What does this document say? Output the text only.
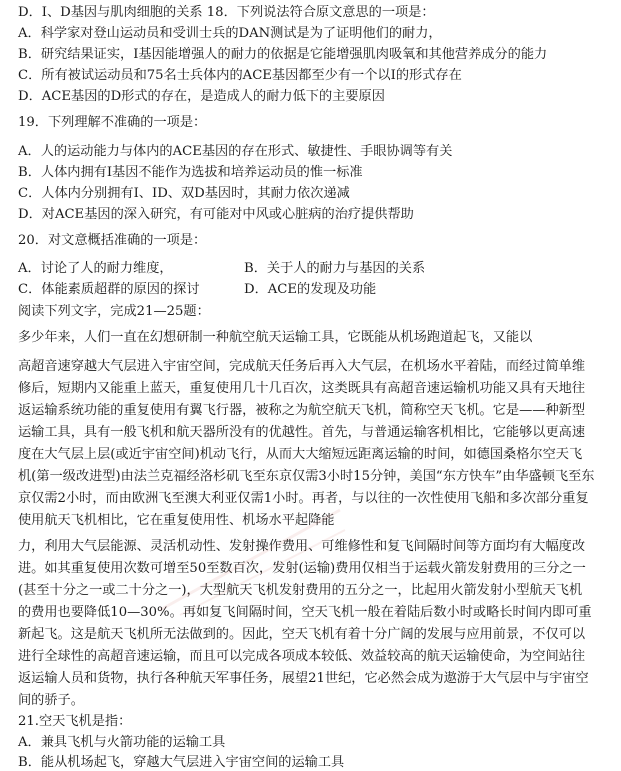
D．Ⅰ、D基因与肌肉细胞的关系 18．下列说法符合原文意思的一项是：
A．科学家对登山运动员和受训士兵的DAN测试是为了证明他们的耐力，
B．研究结果证实，Ⅰ基因能增强人的耐力的依据是它能增强肌肉吸氧和其他营养成分的能力
C．所有被试运动员和75名士兵体内的ACE基因都至少有一个以Ⅰ的形式存在
D．ACE基因的D形式的存在，是造成人的耐力低下的主要原因
19．下列理解不准确的一项是：
A．人的运动能力与体内的ACE基因的存在形式、敏捷性、手眼协调等有关
B．人体内拥有Ⅰ基因不能作为选拔和培养运动员的惟一标准
C．人体内分别拥有Ⅰ、ID、双D基因时，其耐力依次递减
D．对ACE基因的深入研究，有可能对中风或心脏病的治疗提供帮助
20．对文意概括准确的一项是：
A．讨论了人的耐力维度，	B．关于人的耐力与基因的关系
C．体能素质超群的原因的探讨	D．ACE的发现及功能
阅读下列文字，完成21—25题：
多少年来，人们一直在幻想研制一种航空航天运输工具，它既能从机场跑道起飞，又能以
高超音速穿越大气层进入宇宙空间，完成航天任务后再入大气层，在机场水平着陆，而经过简单维
修后，短期内又能重上蓝天，重复使用几十几百次，这类既具有高超音速运输机功能又具有天地往
返运输系统功能的重复使用有翼飞行器，被称之为航空航天飞机，简称空天飞机。它是——种新型
运输工具，具有一般飞机和航天器所没有的优越性。首先，与普通运输客机相比，它能够以更高速
度在大气层上层(或近宇宙空间)机动飞行，从而大大缩短远距离运输的时间，如德国桑格尔空天飞
机(第一级改进型)由法兰克福经洛杉矶飞至东京仅需3小时15分钟，美国“东方快车”由华盛顿飞至东
京仅需2小时，而由欧洲飞至澳大利亚仅需1小时。再者，与以往的一次性使用飞船和多次部分重复
使用航天飞机相比，它在重复使用性、机场水平起降能
力，利用大气层能源、灵活机动性、发射操作费用、可维修性和复飞间隔时间等方面均有大幅度改
进。如其重复使用次数可增至50至数百次，发射(运输)费用仅相当于运载火箭发射费用的三分之一
(甚至十分之一或二十分之一)，大型航天飞机发射费用的五分之一，比起用火箭发射小型航天飞机
的费用也要降低10—30%。再如复飞间隔时间，空天飞机一般在着陆后数小时或略长时间内即可重
新起飞。这是航天飞机所无法做到的。因此，空天飞机有着十分广阔的发展与应用前景，不仅可以
进行全球性的高超音速运输，而且可以完成各项成本较低、效益较高的航天运输使命，为空间站往
返运输人员和货物，执行各种航天军事任务，展望21世纪，它必然会成为遨游于大气层中与宇宙空
间的骄子。
21.空天飞机是指：
A．兼具飞机与火箭功能的运输工具
B．能从机场起飞，穿越大气层进入宇宙空间的运输工具
